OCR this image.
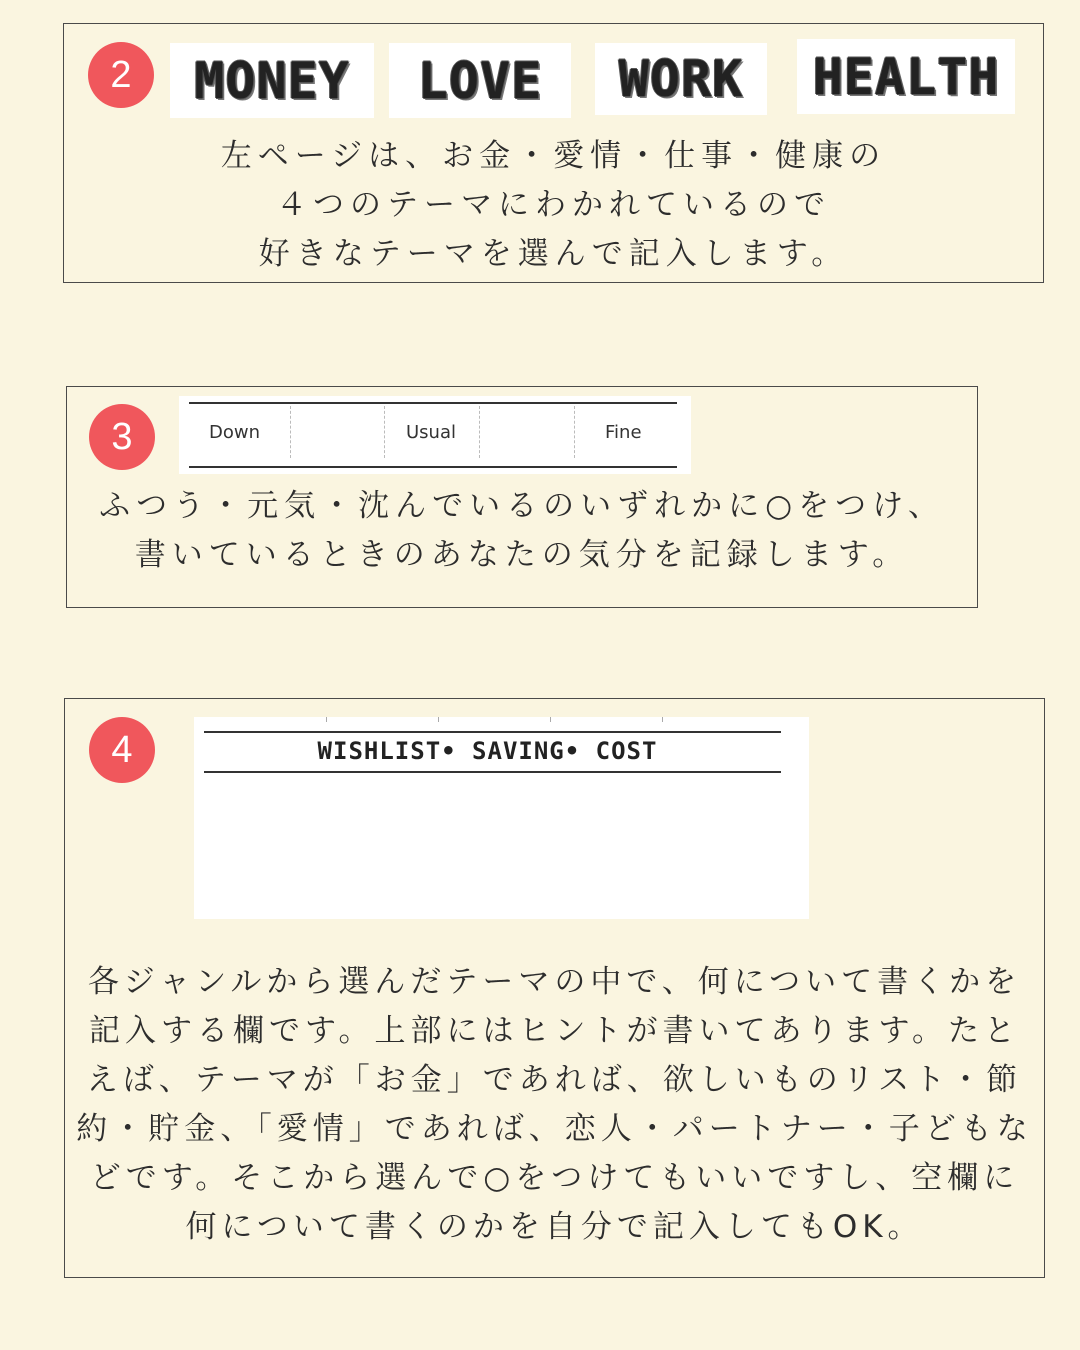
2	MONEY	LOVE	WORK	HEALTH
左ページは、お金・愛情・仕事・健康の
４つのテーマにわかれているので
好きなテーマを選んで記入します。
3	Down	Usual	Fine
ふつう・元気・沈んでいるのいずれかに○をつけ、
書いているときのあなたの気分を記録します。
4	WISHLIST• SAVING• COST
各ジャンルから選んだテーマの中で、何について書くかを
記入する欄です。上部にはヒントが書いてあります。たと
えば、テーマが「お金」であれば、欲しいものリスト・節
約・貯金、「愛情」であれば、恋人・パートナー・子どもな
どです。そこから選んで○をつけてもいいですし、空欄に
何について書くのかを自分で記入してもOK。
